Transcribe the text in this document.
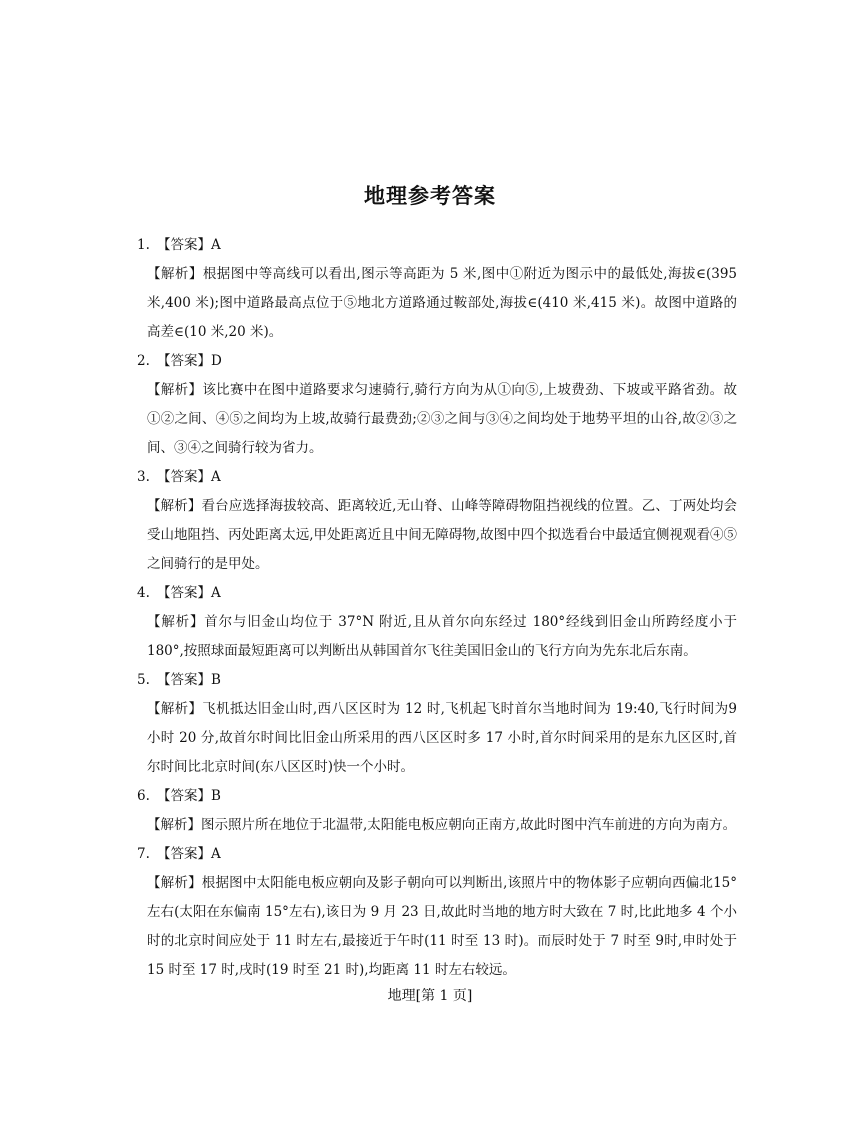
地理参考答案
1. 【答案】A
【解析】根据图中等高线可以看出,图示等高距为 5 米,图中①附近为图示中的最低处,海拔∈(395 米,400 米);图中道路最高点位于⑤地北方道路通过鞍部处,海拔∈(410 米,415 米)。故图中道路的高差∈(10 米,20 米)。
2. 【答案】D
【解析】该比赛中在图中道路要求匀速骑行,骑行方向为从①向⑤,上坡费劲、下坡或平路省劲。故①②之间、④⑤之间均为上坡,故骑行最费劲;②③之间与③④之间均处于地势平坦的山谷,故②③之间、③④之间骑行较为省力。
3. 【答案】A
【解析】看台应选择海拔较高、距离较近,无山脊、山峰等障碍物阻挡视线的位置。乙、丁两处均会受山地阻挡、丙处距离太远,甲处距离近且中间无障碍物,故图中四个拟选看台中最适宜侧视观看④⑤之间骑行的是甲处。
4. 【答案】A
【解析】首尔与旧金山均位于 37°N 附近,且从首尔向东经过 180°经线到旧金山所跨经度小于180°,按照球面最短距离可以判断出从韩国首尔飞往美国旧金山的飞行方向为先东北后东南。
5. 【答案】B
【解析】飞机抵达旧金山时,西八区区时为 12 时,飞机起飞时首尔当地时间为 19:40,飞行时间为9 小时 20 分,故首尔时间比旧金山所采用的西八区区时多 17 小时,首尔时间采用的是东九区区时,首尔时间比北京时间(东八区区时)快一个小时。
6. 【答案】B
【解析】图示照片所在地位于北温带,太阳能电板应朝向正南方,故此时图中汽车前进的方向为南方。
7. 【答案】A
【解析】根据图中太阳能电板应朝向及影子朝向可以判断出,该照片中的物体影子应朝向西偏北15°左右(太阳在东偏南 15°左右),该日为 9 月 23 日,故此时当地的地方时大致在 7 时,比此地多 4 个小时的北京时间应处于 11 时左右,最接近于午时(11 时至 13 时)。而辰时处于 7 时至 9时,申时处于 15 时至 17 时,戌时(19 时至 21 时),均距离 11 时左右较远。
地理[第 1 页]
